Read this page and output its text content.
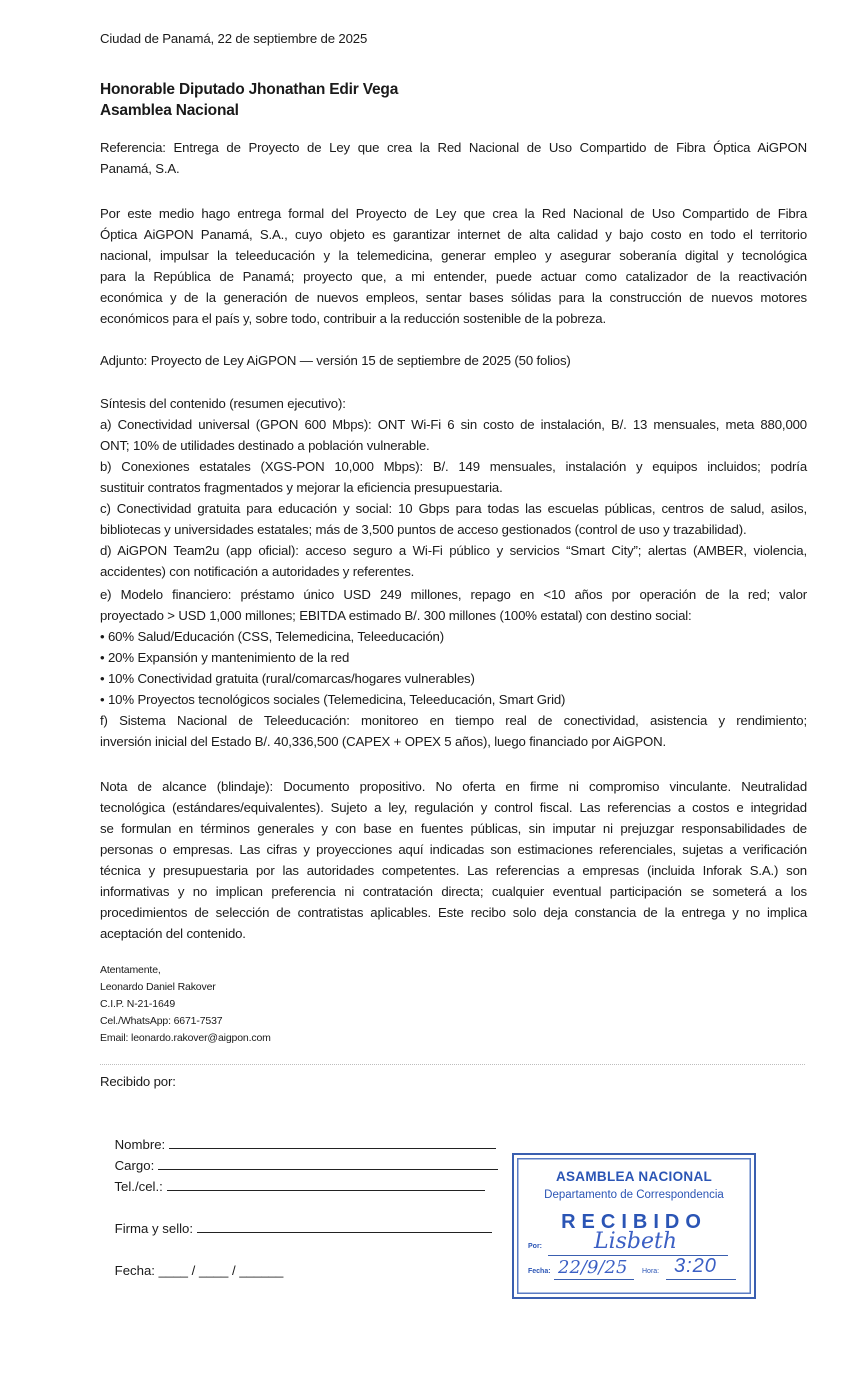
Ciudad de Panamá, 22 de septiembre de 2025
Honorable Diputado Jhonathan Edir Vega
Asamblea Nacional
Referencia: Entrega de Proyecto de Ley que crea la Red Nacional de Uso Compartido de Fibra Óptica AiGPON
Panamá, S.A.
Por este medio hago entrega formal del Proyecto de Ley que crea la Red Nacional de Uso Compartido de Fibra
Óptica AiGPON Panamá, S.A., cuyo objeto es garantizar internet de alta calidad y bajo costo en todo el territorio
nacional, impulsar la teleeducación y la telemedicina, generar empleo y asegurar soberanía digital y tecnológica
para la República de Panamá; proyecto que, a mi entender, puede actuar como catalizador de la reactivación
económica y de la generación de nuevos empleos, sentar bases sólidas para la construcción de nuevos motores
económicos para el país y, sobre todo, contribuir a la reducción sostenible de la pobreza.
Adjunto: Proyecto de Ley AiGPON — versión 15 de septiembre de 2025 (50 folios)
Síntesis del contenido (resumen ejecutivo):
a) Conectividad universal (GPON 600 Mbps): ONT Wi-Fi 6 sin costo de instalación, B/. 13 mensuales, meta 880,000
ONT; 10% de utilidades destinado a población vulnerable.
b) Conexiones estatales (XGS-PON 10,000 Mbps): B/. 149 mensuales, instalación y equipos incluidos; podría
sustituir contratos fragmentados y mejorar la eficiencia presupuestaria.
c) Conectividad gratuita para educación y social: 10 Gbps para todas las escuelas públicas, centros de salud, asilos,
bibliotecas y universidades estatales; más de 3,500 puntos de acceso gestionados (control de uso y trazabilidad).
d) AiGPON Team2u (app oficial): acceso seguro a Wi-Fi público y servicios “Smart City”; alertas (AMBER, violencia,
accidentes) con notificación a autoridades y referentes.
e) Modelo financiero: préstamo único USD 249 millones, repago en <10 años por operación de la red; valor
proyectado > USD 1,000 millones; EBITDA estimado B/. 300 millones (100% estatal) con destino social:
• 60% Salud/Educación (CSS, Telemedicina, Teleeducación)
• 20% Expansión y mantenimiento de la red
• 10% Conectividad gratuita (rural/comarcas/hogares vulnerables)
• 10% Proyectos tecnológicos sociales (Telemedicina, Teleeducación, Smart Grid)
f) Sistema Nacional de Teleeducación: monitoreo en tiempo real de conectividad, asistencia y rendimiento;
inversión inicial del Estado B/. 40,336,500 (CAPEX + OPEX 5 años), luego financiado por AiGPON.
Nota de alcance (blindaje): Documento propositivo. No oferta en firme ni compromiso vinculante. Neutralidad
tecnológica (estándares/equivalentes). Sujeto a ley, regulación y control fiscal. Las referencias a costos e integridad
se formulan en términos generales y con base en fuentes públicas, sin imputar ni prejuzgar responsabilidades de
personas o empresas. Las cifras y proyecciones aquí indicadas son estimaciones referenciales, sujetas a verificación
técnica y presupuestaria por las autoridades competentes. Las referencias a empresas (incluida Inforak S.A.) son
informativas y no implican preferencia ni contratación directa; cualquier eventual participación se someterá a los
procedimientos de selección de contratistas aplicables. Este recibo solo deja constancia de la entrega y no implica
aceptación del contenido.
Atentamente,
Leonardo Daniel Rakover
C.I.P. N-21-1649
Cel./WhatsApp: 6671-7537
Email: leonardo.rakover@aigpon.com
Recibido por:

Nombre:

Cargo:

Tel./cel.:

Firma y sello:

Fecha: ____ / ____ / ______

ASAMBLEA NACIONAL
Departamento de Correspondencia
RECIBIDO
Por: Lisbeth
Fecha: 22/9/25 Hora: 3:20
